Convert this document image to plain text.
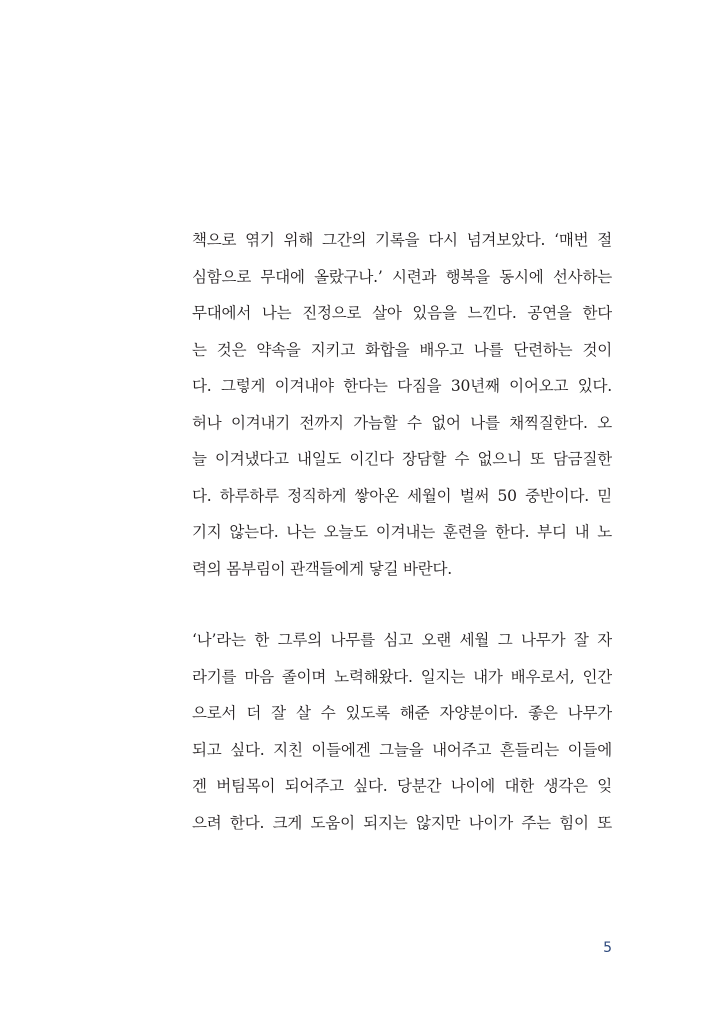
책으로 엮기 위해 그간의 기록을 다시 넘겨보았다. ‘매번 절
심함으로 무대에 올랐구나.’ 시련과 행복을 동시에 선사하는
무대에서 나는 진정으로 살아 있음을 느낀다. 공연을 한다
는 것은 약속을 지키고 화합을 배우고 나를 단련하는 것이
다. 그렇게 이겨내야 한다는 다짐을 30년째 이어오고 있다.
허나 이겨내기 전까지 가늠할 수 없어 나를 채찍질한다. 오
늘 이겨냈다고 내일도 이긴다 장담할 수 없으니 또 담금질한
다. 하루하루 정직하게 쌓아온 세월이 벌써 50 중반이다. 믿
기지 않는다. 나는 오늘도 이겨내는 훈련을 한다. 부디 내 노
력의 몸부림이 관객들에게 닿길 바란다.
‘나’라는 한 그루의 나무를 심고 오랜 세월 그 나무가 잘 자
라기를 마음 졸이며 노력해왔다. 일지는 내가 배우로서, 인간
으로서 더 잘 살 수 있도록 해준 자양분이다. 좋은 나무가
되고 싶다. 지친 이들에겐 그늘을 내어주고 흔들리는 이들에
겐 버팀목이 되어주고 싶다. 당분간 나이에 대한 생각은 잊
으려 한다. 크게 도움이 되지는 않지만 나이가 주는 힘이 또
5
